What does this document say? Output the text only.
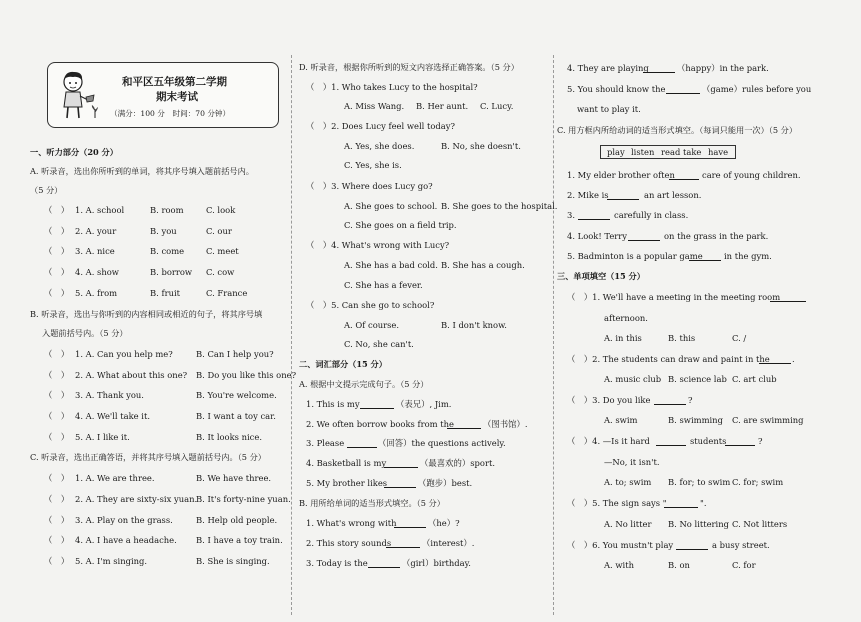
和平区五年级第二学期
期末考试
（满分：100 分　时间：70 分钟）
一、听力部分（20 分）
A. 听录音，选出你所听到的单词，将其序号填入题前括号内。
（5 分）
（　） 1. A. school	B. room	C. look
（　） 2. A. your	B. you	C. our
（　） 3. A. nice	B. come	C. meet
（　） 4. A. show	B. borrow C. cow
（　） 5. A. from	B. fruit	C. France
B. 听录音，选出与你听到的内容相同或相近的句子，将其序号填
入题前括号内。（5 分）
（　） 1. A. Can you help me?	B. Can I help you?
（　） 2. A. What about this one? B. Do you like this one?
（　） 3. A. Thank you.	B. You're welcome.
（　） 4. A. We'll take it.	B. I want a toy car.
（　） 5. A. I like it.	B. It looks nice.
C. 听录音，选出正确答语，并将其序号填入题前括号内。（5 分）
（　） 1. A. We are three.	B. We have three.
（　） 2. A. They are sixty-six yuan.
B. It's forty-nine yuan.
（　） 3. A. Play on the grass.	B. Help old people.
（　） 4. A. I have a headache. B. I have a toy train.
（　） 5. A. I'm singing.	B. She is singing.
D. 听录音，根据你所听到的短文内容选择正确答案。（5 分）
（　）1. Who takes Lucy to the hospital?
A. Miss Wang. B. Her aunt. C. Lucy.
（　）2. Does Lucy feel well today?
A. Yes, she does.	B. No, she doesn't.
C. Yes, she is.
（　）3. Where does Lucy go?
A. She goes to school. B. She goes to the hospital.
C. She goes on a field trip.
（　）4. What's wrong with Lucy?
A. She has a bad cold. B. She has a cough.
C. She has a fever.
（　）5. Can she go to school?
A. Of course.	B. I don't know.
C. No, she can't.
二、词汇部分（15 分）
A. 根据中文提示完成句子。（5 分）
1. This is my	（表兄）, Jim.
2. We often borrow books from the	（图书馆）.
3. Please	（回答）the questions actively.
4. Basketball is my	（最喜欢的）sport.
5. My brother likes	（跑步）best.
B. 用所给单词的适当形式填空。（5 分）
1. What's wrong with	（he）?
2. This story sounds	（interest）.
3. Today is the	（girl）birthday.
4. They are playing	（happy）in the park.
5. You should know the	（game）rules before you
want to play it.
C. 用方框内所给动词的适当形式填空。（每词只能用一次）（5 分）
play listen read take have
1. My elder brother often	care of young children.
2. Mike is	an art lesson.
3.	carefully in class.
4. Look! Terry	on the grass in the park.
5. Badminton is a popular game	in the gym.
三、单项填空（15 分）
（　）1. We'll have a meeting in the meeting room
afternoon.
A. in this	B. this	C. /
（　）2. The students can draw and paint in the	.
A. music club B. science lab C. art club
（　）3. Do you like	?
A. swim	B. swimming C. are swimming
（　）4. —Is it hard	students	?
—No, it isn't.
A. to; swim B. for; to swim C. for; swim
（　）5. The sign says "	".
A. No litter B. No littering C. Not litters
（　）6. You mustn't play	a busy street.
A. with	B. on	C. for
